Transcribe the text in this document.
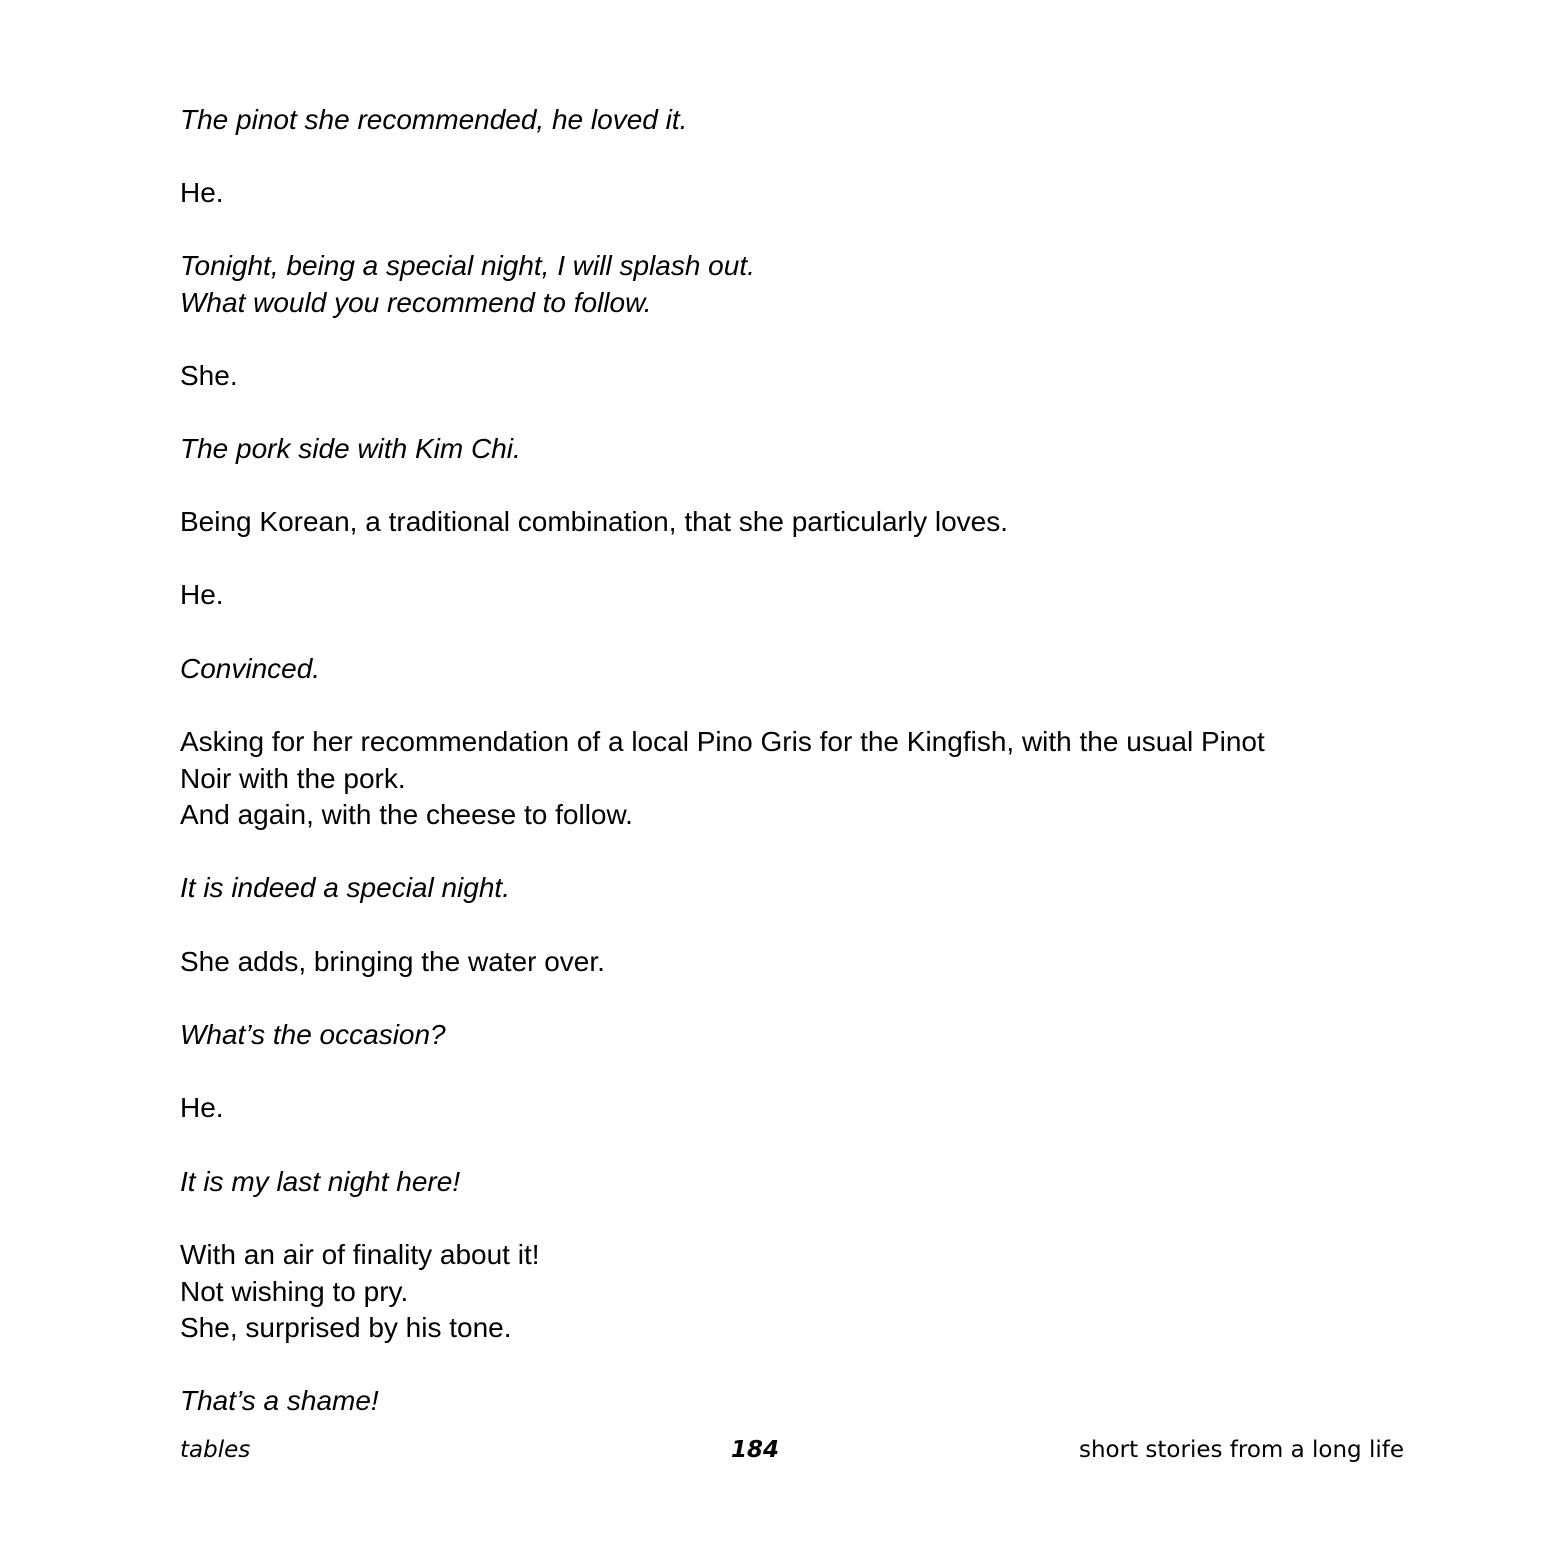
The pinot she recommended, he loved it.
He.
Tonight, being a special night, I will splash out.
What would you recommend to follow.
She.
The pork side with Kim Chi.
Being Korean, a traditional combination, that she particularly loves.
He.
Convinced.
Asking for her recommendation of a local Pino Gris for the Kingfish, with the usual Pinot
Noir with the pork.
And again, with the cheese to follow.
It is indeed a special night.
She adds, bringing the water over.
What’s the occasion?
He.
It is my last night here!
With an air of finality about it!
Not wishing to pry.
She, surprised by his tone.
That’s a shame!
tables	184	short stories from a long life
